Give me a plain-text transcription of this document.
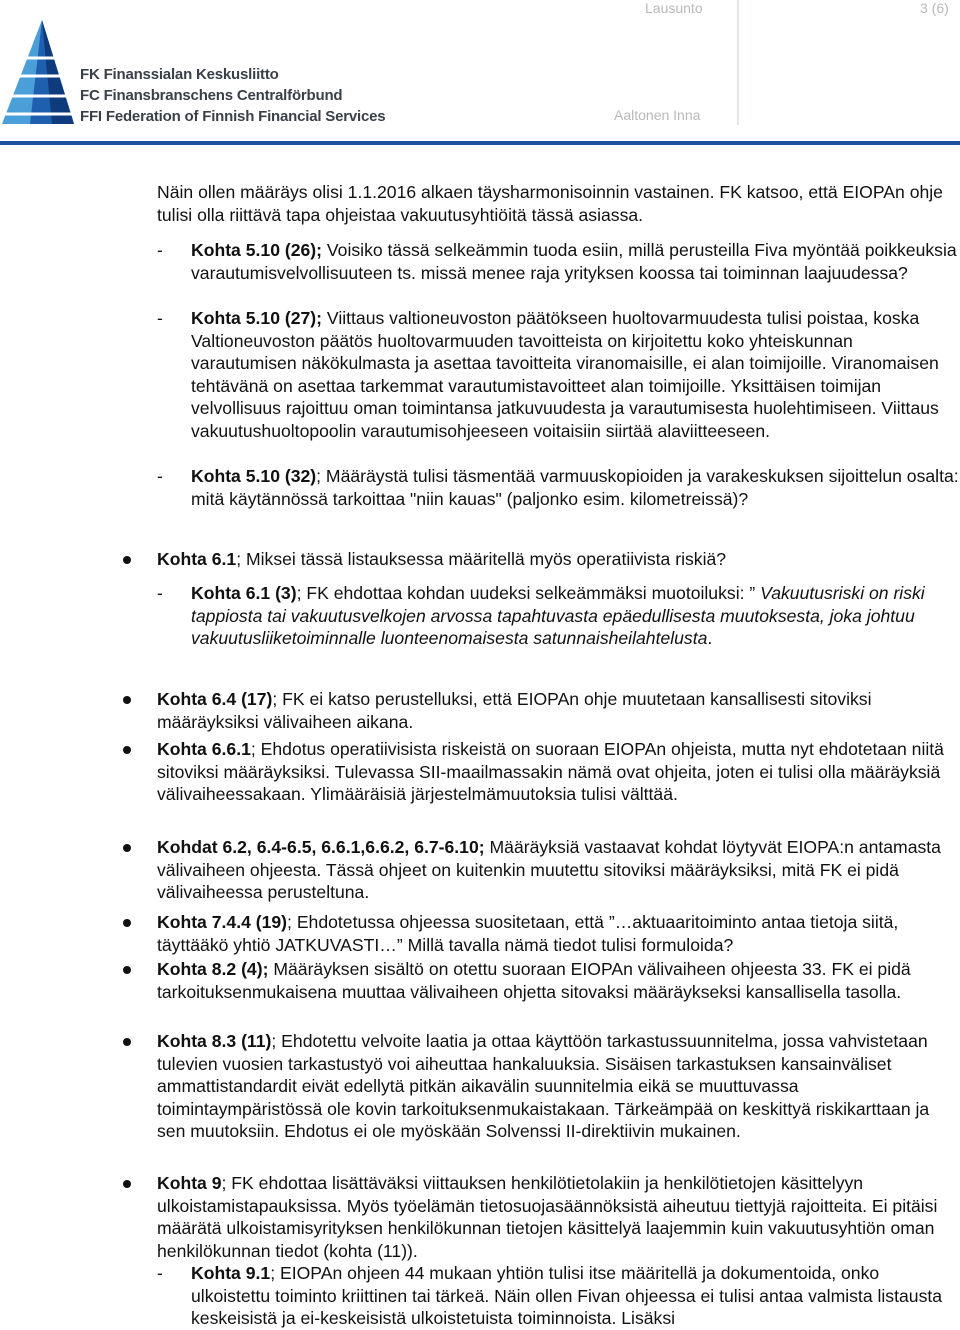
FK Finanssialan Keskusliitto
FC Finansbranschens Centralförbund
FFI Federation of Finnish Financial Services
Lausunto	3 (6)
Aaltonen Inna

Näin ollen määräys olisi 1.1.2016 alkaen täysharmonisoinnin vastainen. FK katsoo, että EIOPAn ohje tulisi olla riittävä tapa ohjeistaa vakuutusyhtiöitä tässä asiassa.

- Kohta 5.10 (26); Voisiko tässä selkeämmin tuoda esiin, millä perusteilla Fiva myöntää poikkeuksia varautumisvelvollisuuteen ts. missä menee raja yrityksen koossa tai toiminnan laajuudessa?
- Kohta 5.10 (27); Viittaus valtioneuvoston päätökseen huoltovarmuudesta tulisi poistaa, koska Valtioneuvoston päätös huoltovarmuuden tavoitteista on kirjoitettu koko yhteiskunnan varautumisen näkökulmasta ja asettaa tavoitteita viranomaisille, ei alan toimijoille. Viranomaisen tehtävänä on asettaa tarkemmat varautumistavoitteet alan toimijoille. Yksittäisen toimijan velvollisuus rajoittuu oman toimintansa jatkuvuudesta ja varautumisesta huolehtimiseen. Viittaus vakuutushuoltopoolin varautumisohjeeseen voitaisiin siirtää alaviitteeseen.
- Kohta 5.10 (32); Määräystä tulisi täsmentää varmuuskopioiden ja varakeskuksen sijoittelun osalta: mitä käytännössä tarkoittaa "niin kauas" (paljonko esim. kilometreissä)?
Kohta 6.1; Miksei tässä listauksessa määritellä myös operatiivista riskiä?
- Kohta 6.1 (3); FK ehdottaa kohdan uudeksi selkeämmäksi muotoiluksi: ” Vakuutusriski on riski tappiosta tai vakuutusvelkojen arvossa tapahtuvasta epäedullisesta muutoksesta, joka johtuu vakuutusliiketoiminnalle luonteenomaisesta satunnaisheilahtelusta.
Kohta 6.4 (17); FK ei katso perustelluksi, että EIOPAn ohje muutetaan kansallisesti sitoviksi määräyksiksi välivaiheen aikana.
Kohta 6.6.1; Ehdotus operatiivisista riskeistä on suoraan EIOPAn ohjeista, mutta nyt ehdotetaan niitä sitoviksi määräyksiksi. Tulevassa SII-maailmassakin nämä ovat ohjeita, joten ei tulisi olla määräyksiä välivaiheessakaan. Ylimääräisiä järjestelmämuutoksia tulisi välttää.
Kohdat 6.2, 6.4-6.5, 6.6.1,6.6.2, 6.7-6.10; Määräyksiä vastaavat kohdat löytyvät EIOPA:n antamasta välivaiheen ohjeesta. Tässä ohjeet on kuitenkin muutettu sitoviksi määräyksiksi, mitä FK ei pidä välivaiheessa perusteltuna.
Kohta 7.4.4 (19); Ehdotetussa ohjeessa suositetaan, että ”…aktuaaritoiminto antaa tietoja siitä, täyttääkö yhtiö JATKUVASTI…” Millä tavalla nämä tiedot tulisi formuloida?
Kohta 8.2 (4); Määräyksen sisältö on otettu suoraan EIOPAn välivaiheen ohjeesta 33. FK ei pidä tarkoituksenmukaisena muuttaa välivaiheen ohjetta sitovaksi määräykseksi kansallisella tasolla.
Kohta 8.3 (11); Ehdotettu velvoite laatia ja ottaa käyttöön tarkastussuunnitelma, jossa vahvistetaan tulevien vuosien tarkastustyö voi aiheuttaa hankaluuksia. Sisäisen tarkastuksen kansainväliset ammattistandardit eivät edellytä pitkän aikavälin suunnitelmia eikä se muuttuvassa toimintaympäristössä ole kovin tarkoituksenmukaistakaan. Tärkeämpää on keskittyä riskikarttaan ja sen muutoksiin. Ehdotus ei ole myöskään Solvenssi II-direktiivin mukainen.
Kohta 9; FK ehdottaa lisättäväksi viittauksen henkilötietolakiin ja henkilötietojen käsittelyyn ulkoistamistapauksissa. Myös työelämän tietosuojasäännöksistä aiheutuu tiettyjä rajoitteita. Ei pitäisi määrätä ulkoistamisyrityksen henkilökunnan tietojen käsittelyä laajemmin kuin vakuutusyhtiön oman henkilökunnan tiedot (kohta (11)).
- Kohta 9.1; EIOPAn ohjeen 44 mukaan yhtiön tulisi itse määritellä ja dokumentoida, onko ulkoistettu toiminto kriittinen tai tärkeä. Näin ollen Fivan ohjeessa ei tulisi antaa valmista listausta keskeisistä ja ei-keskeisistä ulkoistetuista toiminnoista. Lisäksi
